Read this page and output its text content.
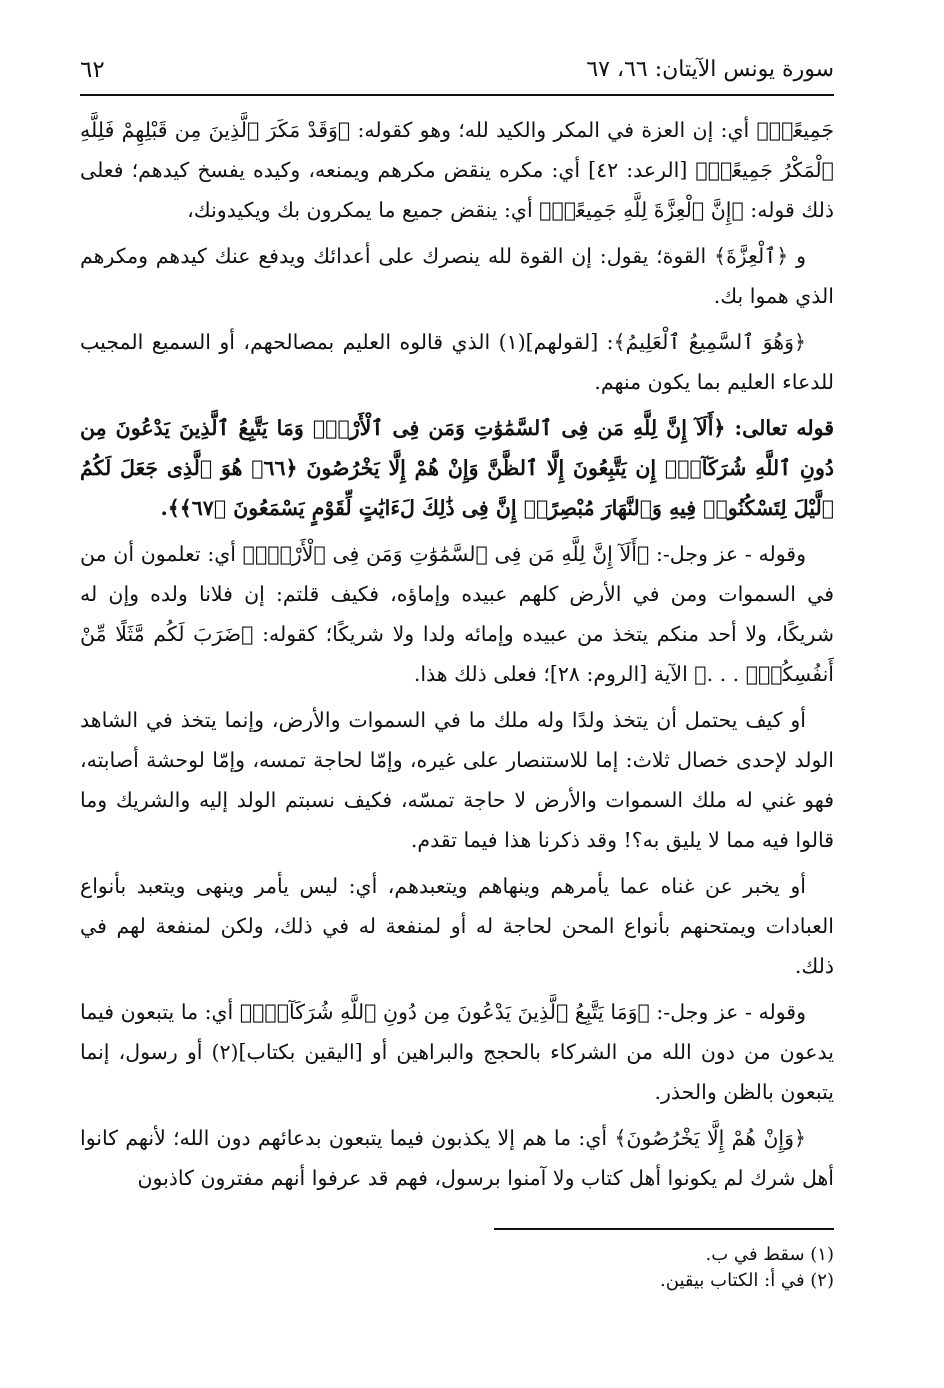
سورة يونس الآيتان: ٦٦، ٦٧
٦٢

جَمِيعًاۚ﴾ أي: إن العزة في المكر والكيد لله؛ وهو كقوله: ﴿وَقَدْ مَكَرَ ٱلَّذِينَ مِن قَبْلِهِمْ فَلِلَّهِ ٱلْمَكْرُ جَمِيعًاۖ﴾ [الرعد: ٤٢] أي: مكره ينقض مكرهم ويمنعه، وكيده يفسخ كيدهم؛ فعلى ذلك قوله: ﴿إِنَّ ٱلْعِزَّةَ لِلَّهِ جَمِيعًاۚ﴾ أي: ينقض جميع ما يمكرون بك ويكيدونك،

و ﴿ٱلْعِزَّةَ﴾ القوة؛ يقول: إن القوة لله ينصرك على أعدائك ويدفع عنك كيدهم ومكرهم الذي هموا بك.

﴿وَهُوَ ٱلسَّمِيعُ ٱلْعَلِيمُ﴾: [لقولهم](١) الذي قالوه العليم بمصالحهم، أو السميع المجيب للدعاء العليم بما يكون منهم.

قوله تعالى: ﴿أَلَآ إِنَّ لِلَّهِ مَن فِى ٱلسَّمَٰوَٰتِ وَمَن فِى ٱلْأَرْضِۗ وَمَا يَتَّبِعُ ٱلَّذِينَ يَدْعُونَ مِن دُونِ ٱللَّهِ شُرَكَآءَۚ إِن يَتَّبِعُونَ إِلَّا ٱلظَّنَّ وَإِنْ هُمْ إِلَّا يَخْرُصُونَ ﴿٦٦﴾ هُوَ ٱلَّذِى جَعَلَ لَكُمُ ٱلَّيْلَ لِتَسْكُنُوا۟ فِيهِ وَٱلنَّهَارَ مُبْصِرًاۚ إِنَّ فِى ذَٰلِكَ لَءَايَٰتٍ لِّقَوْمٍ يَسْمَعُونَ ﴿٦٧﴾﴾.

وقوله - عز وجل-: ﴿أَلَآ إِنَّ لِلَّهِ مَن فِى ٱلسَّمَٰوَٰتِ وَمَن فِى ٱلْأَرْضِۗ﴾ أي: تعلمون أن من في السموات ومن في الأرض كلهم عبيده وإماؤه، فكيف قلتم: إن فلانا ولده وإن له شريكًا، ولا أحد منكم يتخذ من عبيده وإمائه ولدا ولا شريكًا؛ كقوله: ﴿ضَرَبَ لَكُم مَّثَلًا مِّنْ أَنفُسِكُمْۖ . . .﴾ الآية [الروم: ٢٨]؛ فعلى ذلك هذا.

أو كيف يحتمل أن يتخذ ولدًا وله ملك ما في السموات والأرض، وإنما يتخذ في الشاهد الولد لإحدى خصال ثلاث: إما للاستنصار على غيره، وإمّا لحاجة تمسه، وإمّا لوحشة أصابته، فهو غني له ملك السموات والأرض لا حاجة تمسّه، فكيف نسبتم الولد إليه والشريك وما قالوا فيه مما لا يليق به؟! وقد ذكرنا هذا فيما تقدم.

أو يخبر عن غناه عما يأمرهم وينهاهم ويتعبدهم، أي: ليس يأمر وينهى ويتعبد بأنواع العبادات ويمتحنهم بأنواع المحن لحاجة له أو لمنفعة له في ذلك، ولكن لمنفعة لهم في ذلك.

وقوله - عز وجل-: ﴿وَمَا يَتَّبِعُ ٱلَّذِينَ يَدْعُونَ مِن دُونِ ٱللَّهِ شُرَكَآءَۚ﴾ أي: ما يتبعون فيما يدعون من دون الله من الشركاء بالحجج والبراهين أو [اليقين بكتاب](٢) أو رسول، إنما يتبعون بالظن والحذر.

﴿وَإِنْ هُمْ إِلَّا يَخْرُصُونَ﴾ أي: ما هم إلا يكذبون فيما يتبعون بدعائهم دون الله؛ لأنهم كانوا أهل شرك لم يكونوا أهل كتاب ولا آمنوا برسول، فهم قد عرفوا أنهم مفترون كاذبون

(١) سقط في ب.

(٢) في أ: الكتاب بيقين.
